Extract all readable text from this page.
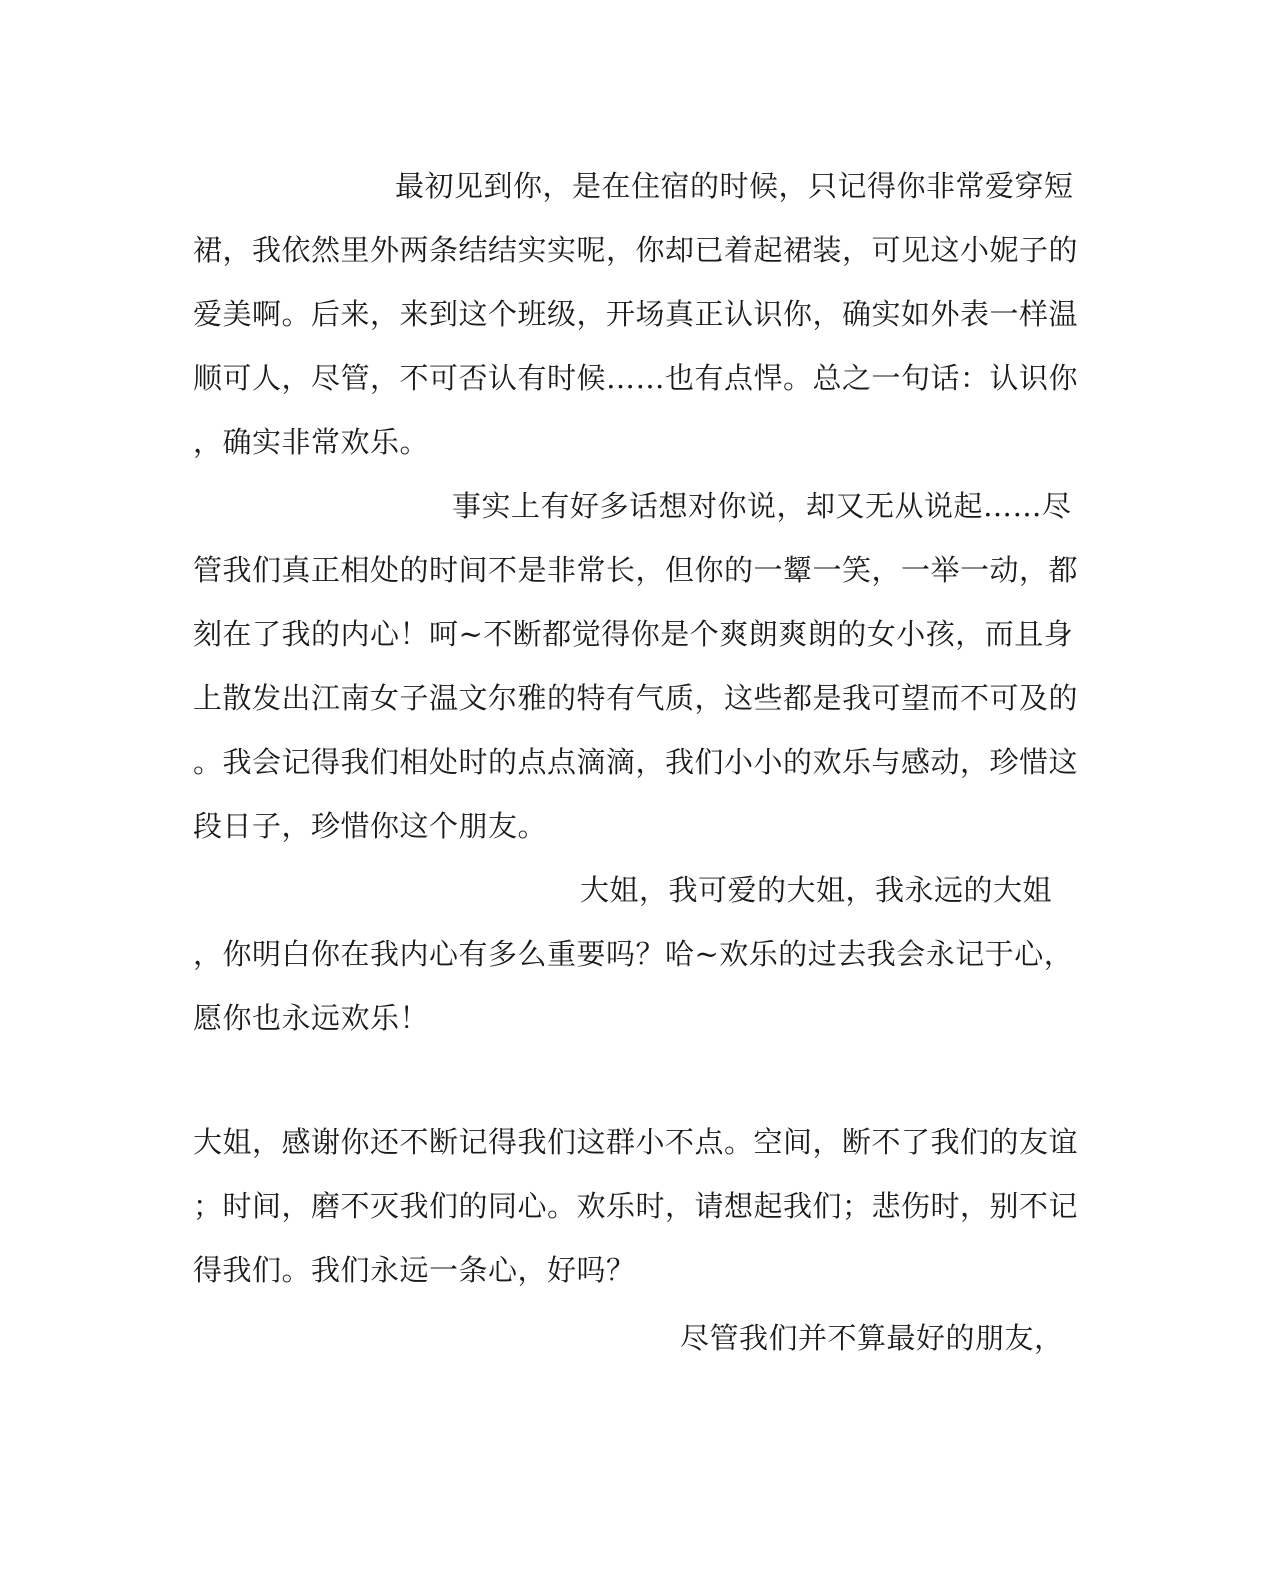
最初见到你，是在住宿的时候，只记得你非常爱穿短
裙，我依然里外两条结结实实呢，你却已着起裙装，可见这小妮子的
爱美啊。后来，来到这个班级，开场真正认识你，确实如外表一样温
顺可人，尽管，不可否认有时候……也有点悍。总之一句话：认识你
，确实非常欢乐。
事实上有好多话想对你说，却又无从说起……尽
管我们真正相处的时间不是非常长，但你的一颦一笑，一举一动，都
刻在了我的内心！呵~不断都觉得你是个爽朗爽朗的女小孩，而且身
上散发出江南女子温文尔雅的特有气质，这些都是我可望而不可及的
。我会记得我们相处时的点点滴滴，我们小小的欢乐与感动，珍惜这
段日子，珍惜你这个朋友。
大姐，我可爱的大姐，我永远的大姐
，你明白你在我内心有多么重要吗？哈~欢乐的过去我会永记于心，
愿你也永远欢乐！
大姐，感谢你还不断记得我们这群小不点。空间，断不了我们的友谊
；时间，磨不灭我们的同心。欢乐时，请想起我们；悲伤时，别不记
得我们。我们永远一条心，好吗？
尽管我们并不算最好的朋友，
